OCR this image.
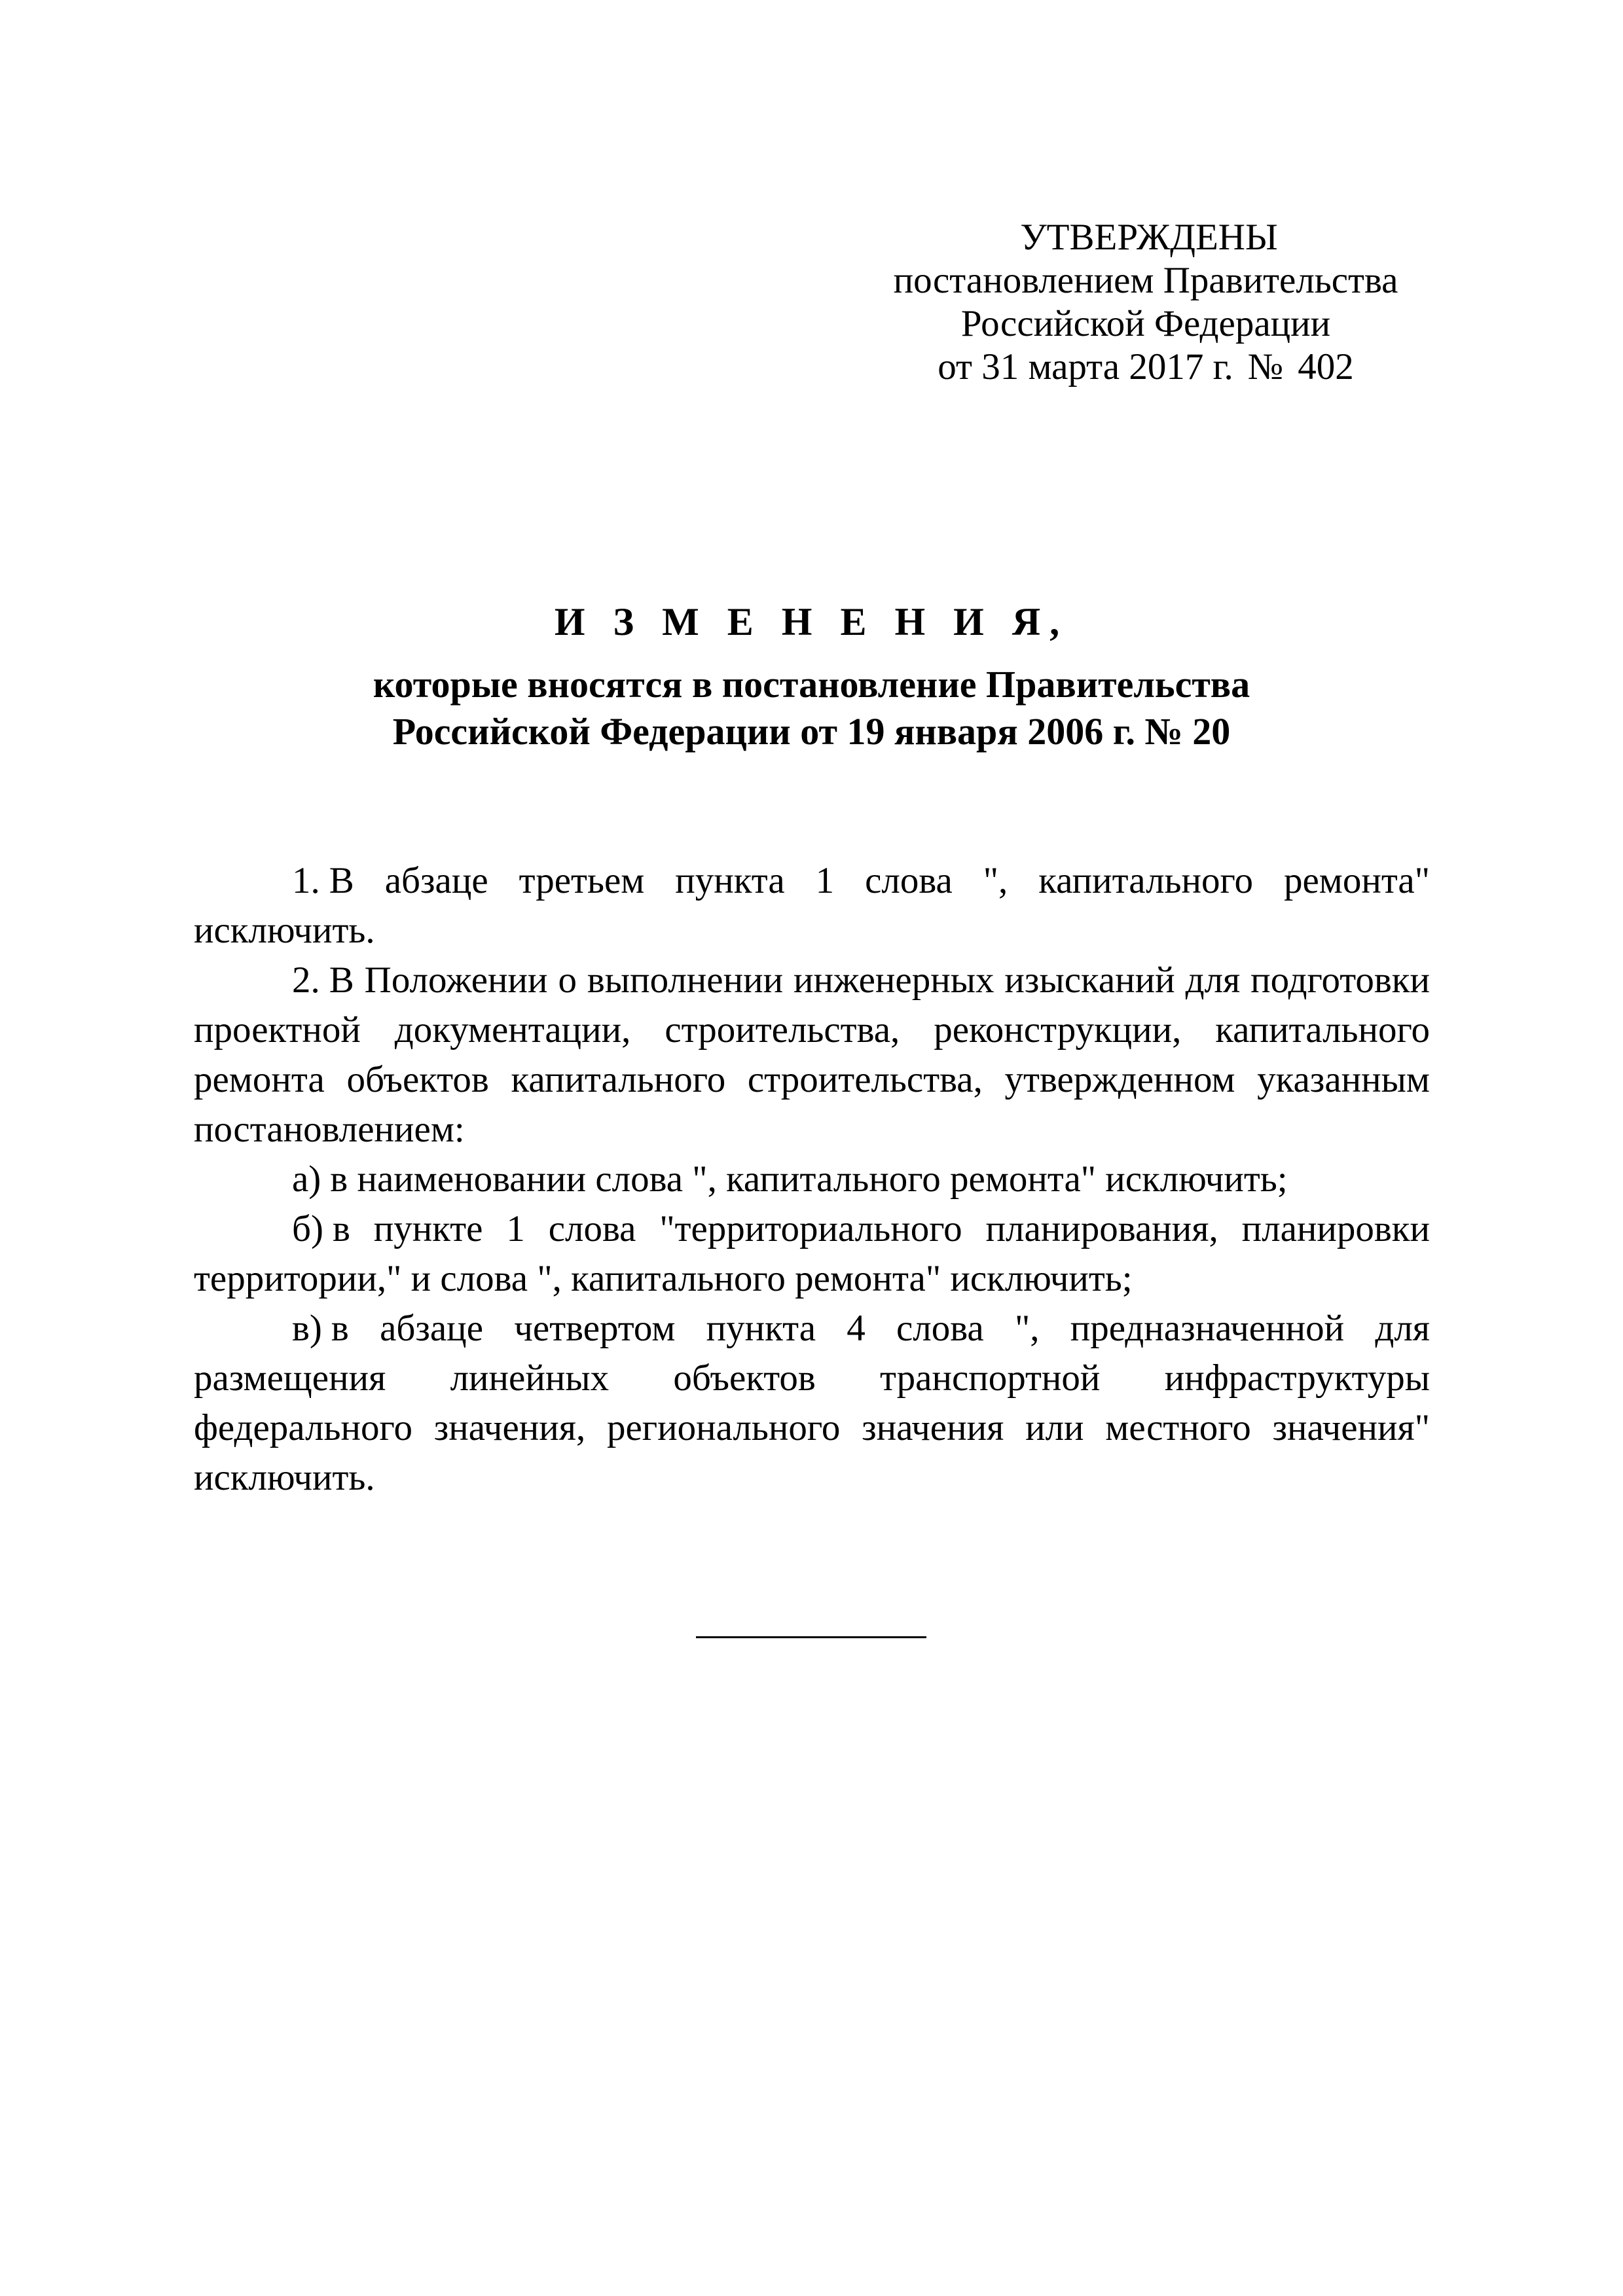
УТВЕРЖДЕНЫ
постановлением Правительства
Российской Федерации
от 31 марта 2017 г. № 402
И З М Е Н Е Н И Я,
которые вносятся в постановление Правительства
Российской Федерации от 19 января 2006 г. № 20

1. В абзаце третьем пункта 1 слова ", капитального ремонта" исключить.

2. В Положении о выполнении инженерных изысканий для подготовки проектной документации, строительства, реконструкции, капитального ремонта объектов капитального строительства, утвержденном указанным постановлением:

а) в наименовании слова ", капитального ремонта" исключить;

б) в пункте 1 слова "территориального планирования, планировки территории," и слова ", капитального ремонта" исключить;

в) в абзаце четвертом пункта 4 слова ", предназначенной для размещения линейных объектов транспортной инфраструктуры федерального значения, регионального значения или местного значения" исключить.
